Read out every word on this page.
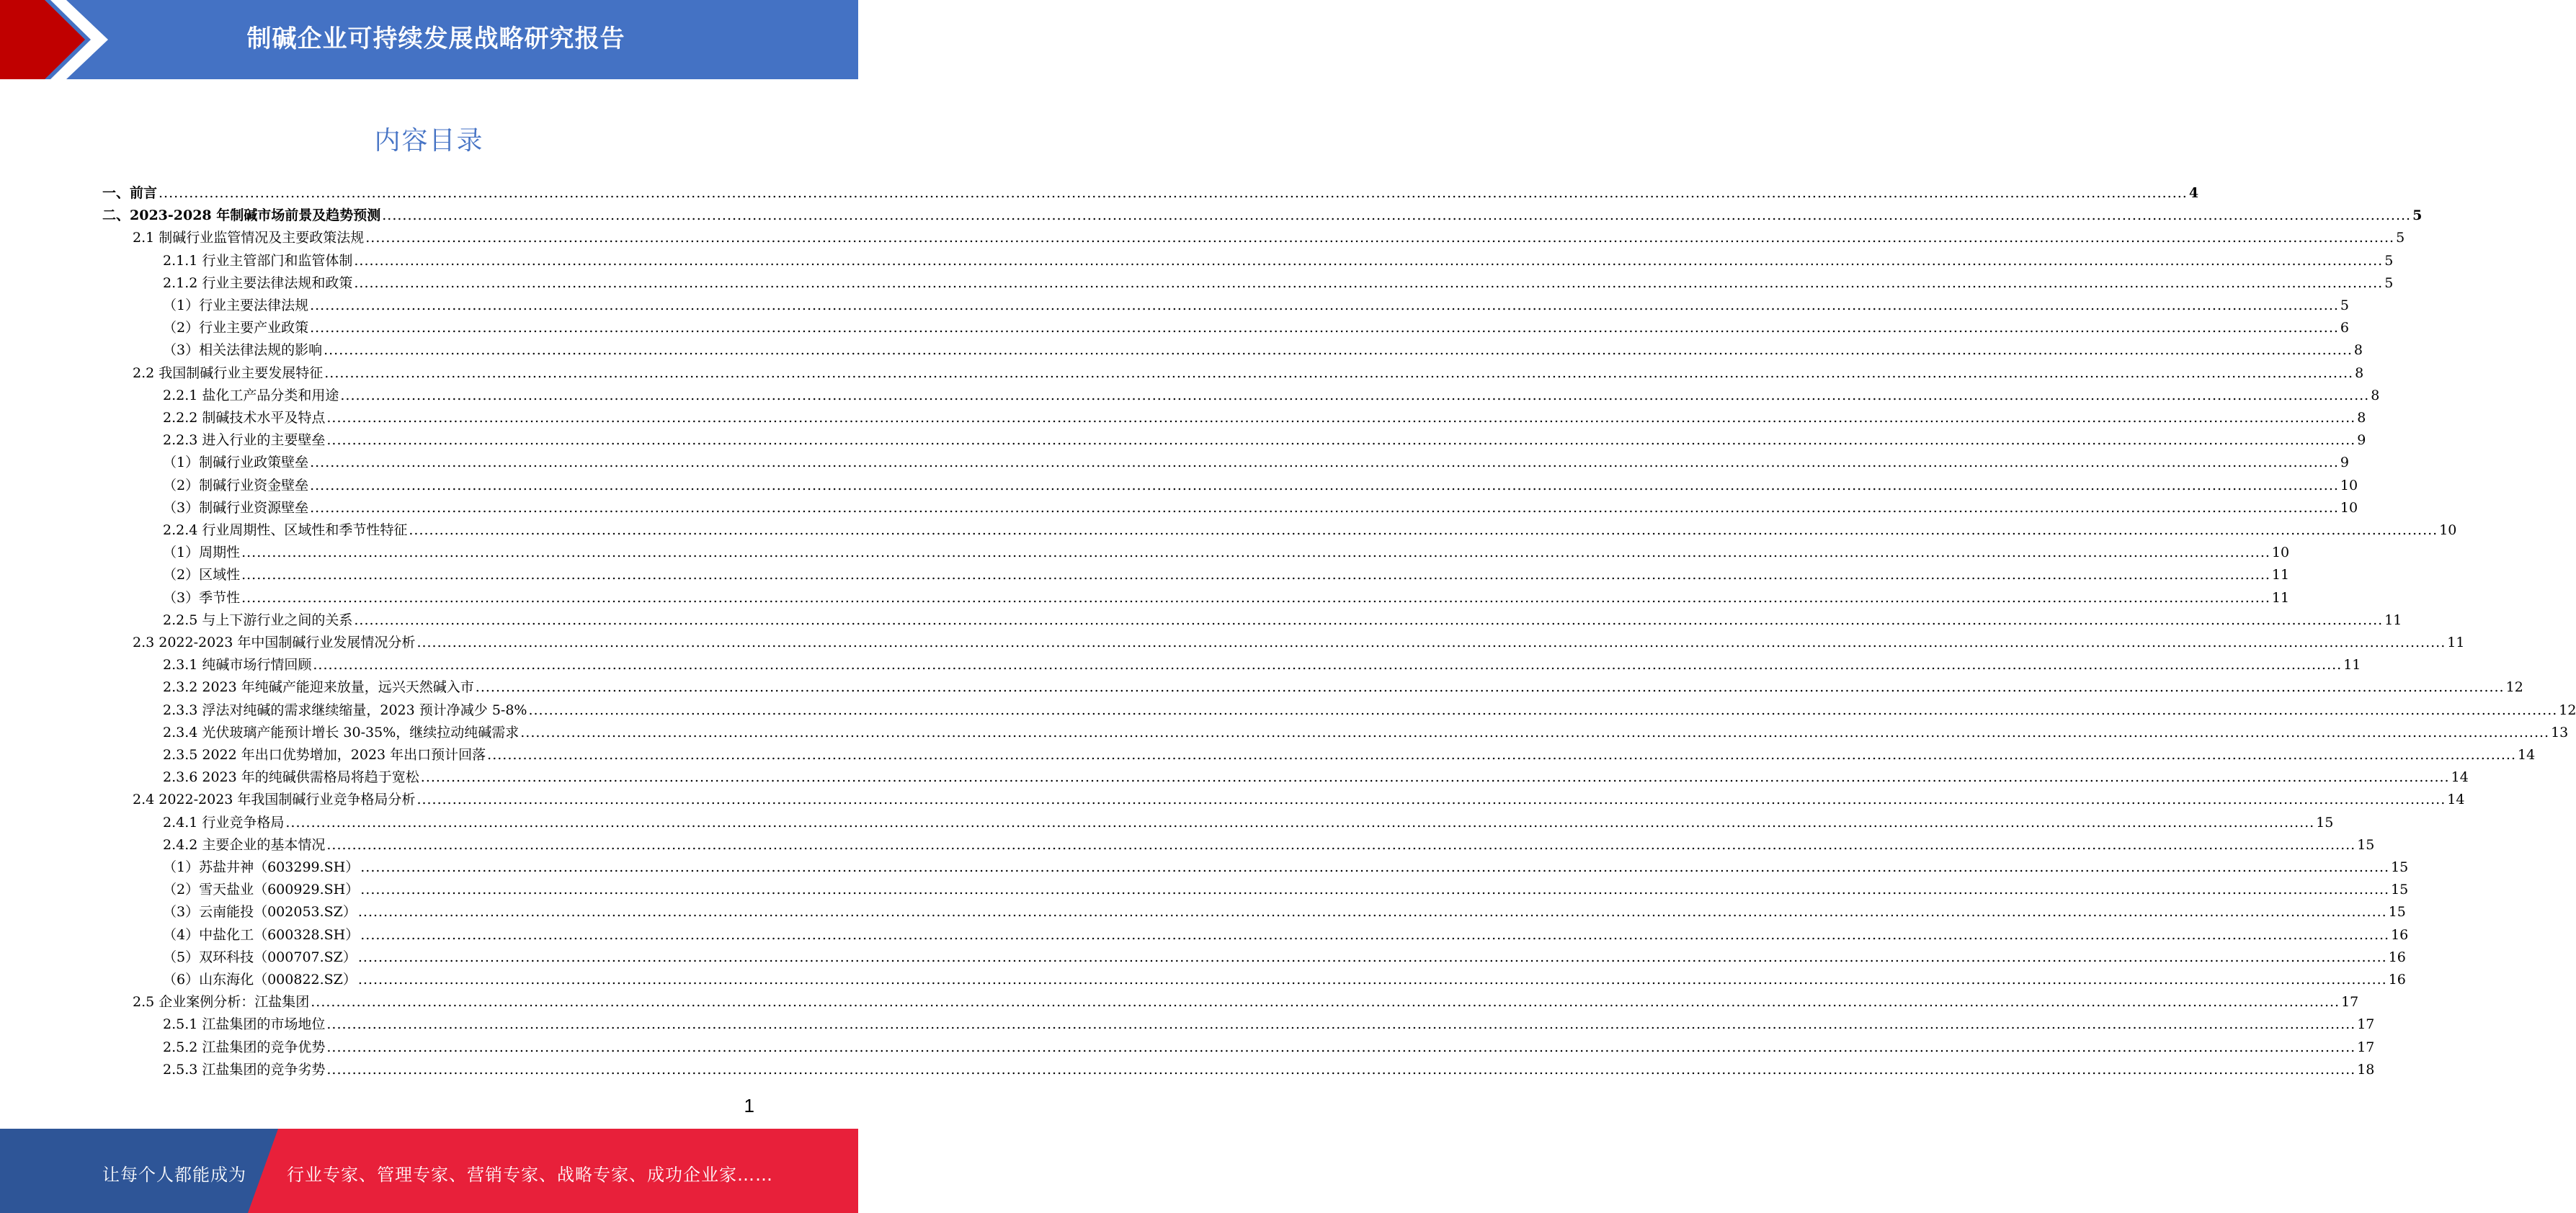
制碱企业可持续发展战略研究报告
内容目录
一、前言 ................................................................................................................................................................................................................................................................................................................................................................................................................ 4
二、2023-2028 年制碱市场前景及趋势预测 ................................................................................................................................................................................................................................................................................................................................................................................................................ 5
2.1 制碱行业监管情况及主要政策法规 ................................................................................................................................................................................................................................................................................................................................................................................................................ 5
2.1.1 行业主管部门和监管体制 ................................................................................................................................................................................................................................................................................................................................................................................................................ 5
2.1.2 行业主要法律法规和政策 ................................................................................................................................................................................................................................................................................................................................................................................................................ 5
（1）行业主要法律法规 ................................................................................................................................................................................................................................................................................................................................................................................................................ 5
（2）行业主要产业政策 ................................................................................................................................................................................................................................................................................................................................................................................................................ 6
（3）相关法律法规的影响 ................................................................................................................................................................................................................................................................................................................................................................................................................ 8
2.2 我国制碱行业主要发展特征 ................................................................................................................................................................................................................................................................................................................................................................................................................ 8
2.2.1 盐化工产品分类和用途 ................................................................................................................................................................................................................................................................................................................................................................................................................ 8
2.2.2 制碱技术水平及特点 ................................................................................................................................................................................................................................................................................................................................................................................................................ 8
2.2.3 进入行业的主要壁垒 ................................................................................................................................................................................................................................................................................................................................................................................................................ 9
（1）制碱行业政策壁垒 ................................................................................................................................................................................................................................................................................................................................................................................................................ 9
（2）制碱行业资金壁垒 ................................................................................................................................................................................................................................................................................................................................................................................................................ 10
（3）制碱行业资源壁垒 ................................................................................................................................................................................................................................................................................................................................................................................................................ 10
2.2.4 行业周期性、区域性和季节性特征 ................................................................................................................................................................................................................................................................................................................................................................................................................ 10
（1）周期性 ................................................................................................................................................................................................................................................................................................................................................................................................................ 10
（2）区域性 ................................................................................................................................................................................................................................................................................................................................................................................................................ 11
（3）季节性 ................................................................................................................................................................................................................................................................................................................................................................................................................ 11
2.2.5 与上下游行业之间的关系 ................................................................................................................................................................................................................................................................................................................................................................................................................ 11
2.3 2022-2023 年中国制碱行业发展情况分析 ................................................................................................................................................................................................................................................................................................................................................................................................................ 11
2.3.1 纯碱市场行情回顾 ................................................................................................................................................................................................................................................................................................................................................................................................................ 11
2.3.2 2023 年纯碱产能迎来放量，远兴天然碱入市 ................................................................................................................................................................................................................................................................................................................................................................................................................ 12
2.3.3 浮法对纯碱的需求继续缩量，2023 预计净减少 5-8% ................................................................................................................................................................................................................................................................................................................................................................................................................ 12
2.3.4 光伏玻璃产能预计增长 30-35%，继续拉动纯碱需求 ................................................................................................................................................................................................................................................................................................................................................................................................................ 13
2.3.5 2022 年出口优势增加，2023 年出口预计回落 ................................................................................................................................................................................................................................................................................................................................................................................................................ 14
2.3.6 2023 年的纯碱供需格局将趋于宽松 ................................................................................................................................................................................................................................................................................................................................................................................................................ 14
2.4 2022-2023 年我国制碱行业竞争格局分析 ................................................................................................................................................................................................................................................................................................................................................................................................................ 14
2.4.1 行业竞争格局 ................................................................................................................................................................................................................................................................................................................................................................................................................ 15
2.4.2 主要企业的基本情况 ................................................................................................................................................................................................................................................................................................................................................................................................................ 15
（1）苏盐井神（603299.SH） ................................................................................................................................................................................................................................................................................................................................................................................................................ 15
（2）雪天盐业（600929.SH） ................................................................................................................................................................................................................................................................................................................................................................................................................ 15
（3）云南能投（002053.SZ） ................................................................................................................................................................................................................................................................................................................................................................................................................ 15
（4）中盐化工（600328.SH） ................................................................................................................................................................................................................................................................................................................................................................................................................ 16
（5）双环科技（000707.SZ） ................................................................................................................................................................................................................................................................................................................................................................................................................ 16
（6）山东海化（000822.SZ） ................................................................................................................................................................................................................................................................................................................................................................................................................ 16
2.5 企业案例分析：江盐集团 ................................................................................................................................................................................................................................................................................................................................................................................................................ 17
2.5.1 江盐集团的市场地位 ................................................................................................................................................................................................................................................................................................................................................................................................................ 17
2.5.2 江盐集团的竞争优势 ................................................................................................................................................................................................................................................................................................................................................................................................................ 17
2.5.3 江盐集团的竞争劣势 ................................................................................................................................................................................................................................................................................................................................................................................................................ 18
1
让每个人都能成为 行业专家、管理专家、营销专家、战略专家、成功企业家……
